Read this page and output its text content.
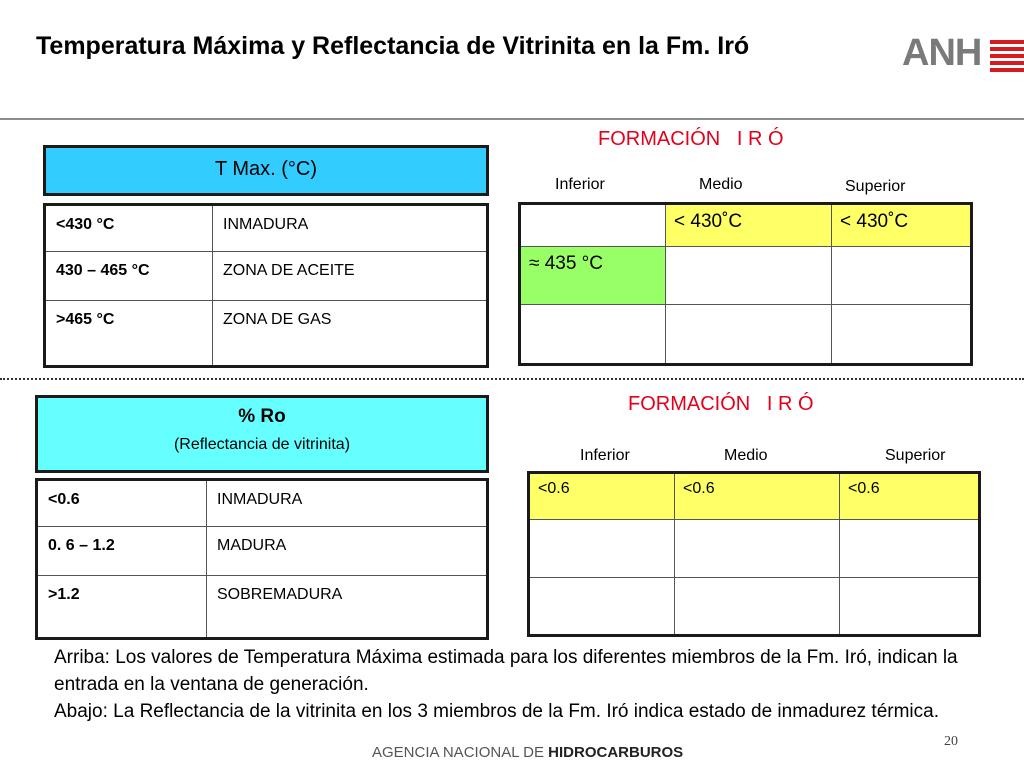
Temperatura Máxima y Reflectancia de Vitrinita en la Fm. Iró	ANH
FORMACIÓN   I R Ó
T Max. (°C)
<430 °C	INMADURA
430 – 465 °C	ZONA DE ACEITE
>465 °C	ZONA DE GAS
Inferior	Medio	Superior
	< 430˚C	< 430˚C
≈ 435 °C		

FORMACIÓN   I R Ó
% Ro
(Reflectancia de vitrinita)
<0.6	INMADURA
0. 6 – 1.2	MADURA
>1.2	SOBREMADURA
Inferior	Medio	Superior
<0.6	<0.6	<0.6

Arriba: Los valores de Temperatura Máxima estimada para los diferentes miembros de la Fm. Iró, indican la entrada en la ventana de generación.
Abajo: La Reflectancia de la vitrinita en los 3 miembros de la Fm. Iró indica estado de inmadurez térmica.
AGENCIA NACIONAL DE HIDROCARBUROS
20
